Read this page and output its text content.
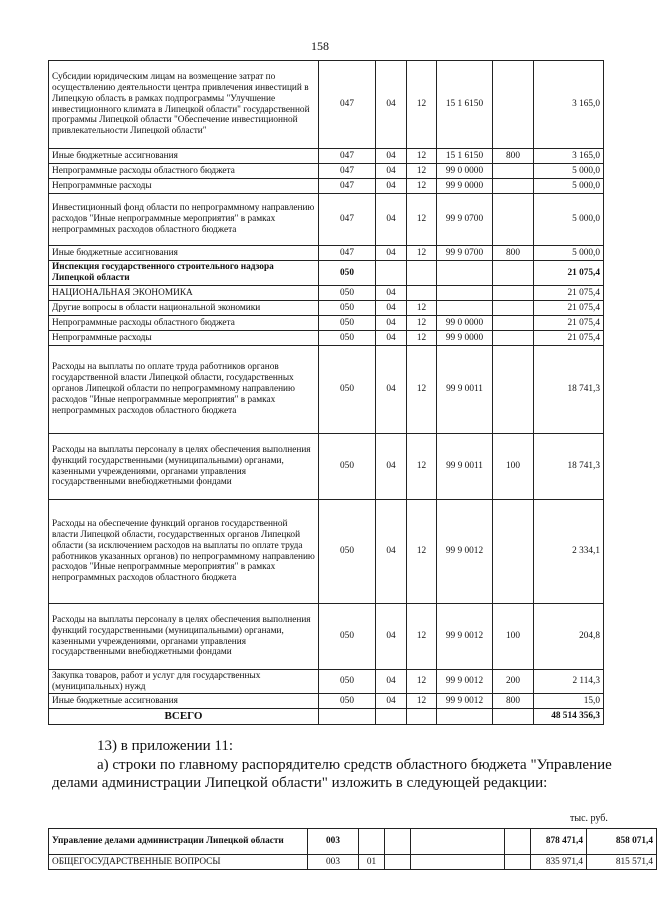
158
Субсидии юридическим лицам на возмещение затрат по осуществлению деятельности центра привлечения инвестиций в Липецкую область в рамках подпрограммы "Улучшение инвестиционного климата в Липецкой области" государственной программы Липецкой области "Обеспечение инвестиционной привлекательности Липецкой области"	047	04	12	15 1 6150		3 165,0
Иные бюджетные ассигнования	047	04	12	15 1 6150	800	3 165,0
Непрограммные расходы областного бюджета	047	04	12	99 0 0000		5 000,0
Непрограммные расходы	047	04	12	99 9 0000		5 000,0
Инвестиционный фонд области по непрограммному направлению расходов "Иные непрограммные мероприятия" в рамках непрограммных расходов областного бюджета	047	04	12	99 9 0700		5 000,0
Иные бюджетные ассигнования	047	04	12	99 9 0700	800	5 000,0
Инспекция государственного строительного надзора Липецкой области	050					21 075,4
НАЦИОНАЛЬНАЯ ЭКОНОМИКА	050	04				21 075,4
Другие вопросы в области национальной экономики	050	04	12			21 075,4
Непрограммные расходы областного бюджета	050	04	12	99 0 0000		21 075,4
Непрограммные расходы	050	04	12	99 9 0000		21 075,4
Расходы на выплаты по оплате труда работников органов государственной власти Липецкой области, государственных органов Липецкой области по непрограммному направлению расходов "Иные непрограммные мероприятия" в рамках непрограммных расходов областного бюджета	050	04	12	99 9 0011		18 741,3
Расходы на выплаты персоналу в целях обеспечения выполнения функций государственными (муниципальными) органами, казенными учреждениями, органами управления государственными внебюджетными фондами	050	04	12	99 9 0011	100	18 741,3
Расходы на обеспечение функций органов государственной власти Липецкой области, государственных органов Липецкой области (за исключением расходов на выплаты по оплате труда работников указанных органов) по непрограммному направлению расходов "Иные непрограммные мероприятия" в рамках непрограммных расходов областного бюджета	050	04	12	99 9 0012		2 334,1
Расходы на выплаты персоналу в целях обеспечения выполнения функций государственными (муниципальными) органами, казенными учреждениями, органами управления государственными внебюджетными фондами	050	04	12	99 9 0012	100	204,8
Закупка товаров, работ и услуг для государственных (муниципальных) нужд	050	04	12	99 9 0012	200	2 114,3
Иные бюджетные ассигнования	050	04	12	99 9 0012	800	15,0
ВСЕГО						48 514 356,3
13) в приложении 11:
а) строки по главному распорядителю средств областного бюджета "Управление
делами администрации Липецкой области" изложить в следующей редакции:
тыс. руб.
Управление делами администрации Липецкой области	003					878 471,4	858 071,4
ОБЩЕГОСУДАРСТВЕННЫЕ ВОПРОСЫ	003	01				835 971,4	815 571,4
